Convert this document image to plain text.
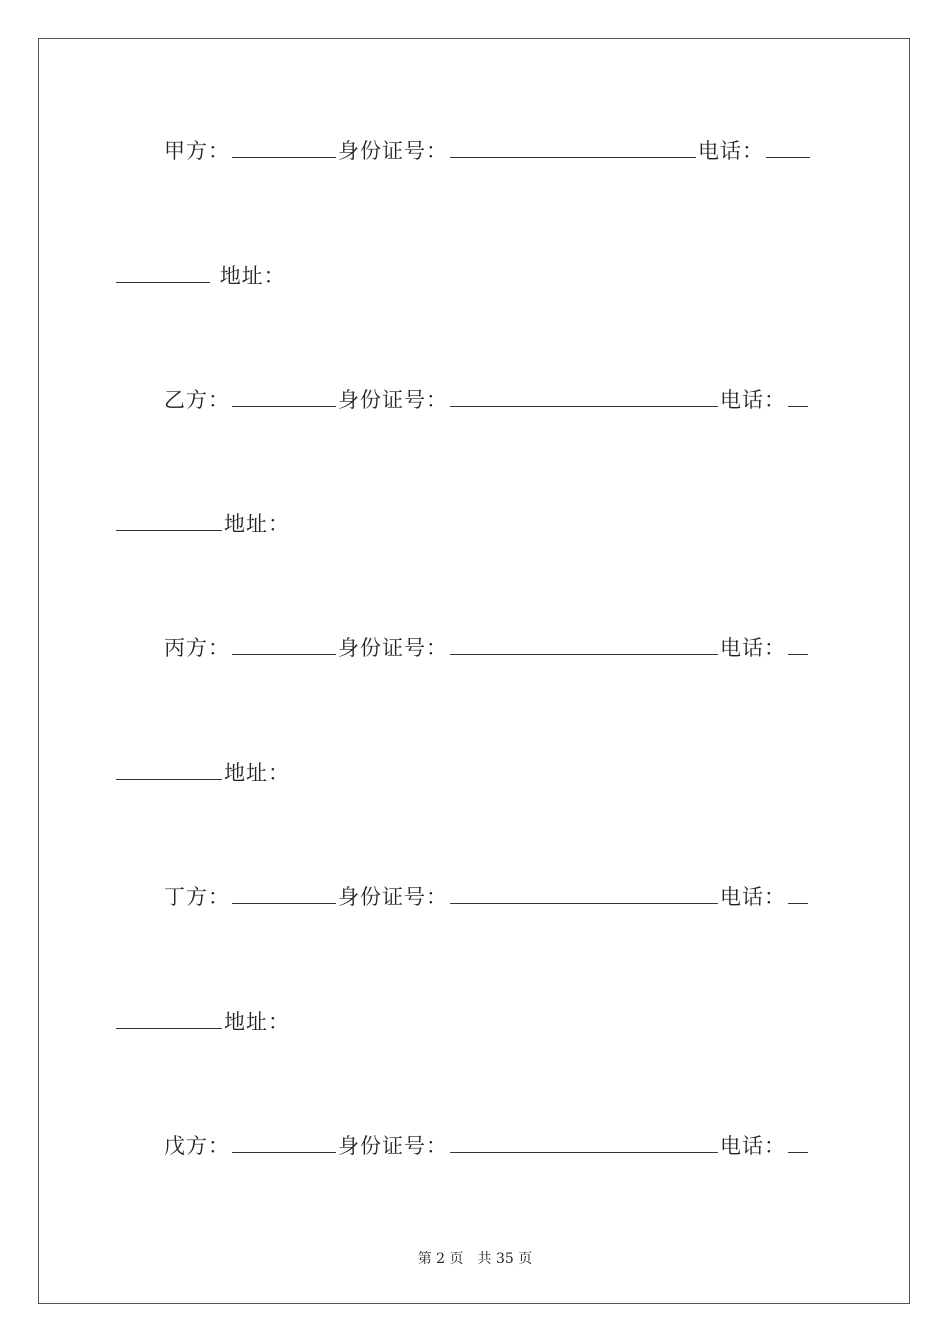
甲方：	身份证号：	电话：
地址：
乙方：	身份证号：	电话：
地址：
丙方：	身份证号：	电话：
地址：
丁方：	身份证号：	电话：
地址：
戊方：	身份证号：	电话：
第 2 页　共 35 页
